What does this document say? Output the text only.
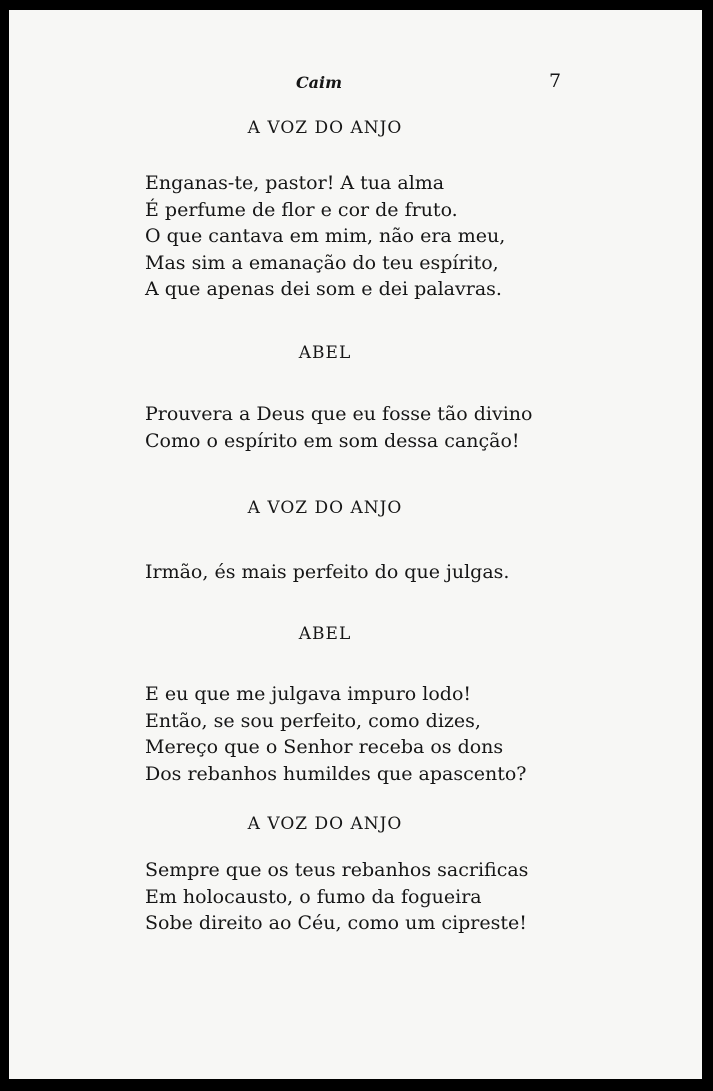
Caim	7
A VOZ DO ANJO
Enganas-te, pastor! A tua alma
É perfume de flor e cor de fruto.
O que cantava em mim, não era meu,
Mas sim a emanação do teu espírito,
A que apenas dei som e dei palavras.
ABEL
Prouvera a Deus que eu fosse tão divino
Como o espírito em som dessa canção!
A VOZ DO ANJO
Irmão, és mais perfeito do que julgas.
ABEL
E eu que me julgava impuro lodo!
Então, se sou perfeito, como dizes,
Mereço que o Senhor receba os dons
Dos rebanhos humildes que apascento?
A VOZ DO ANJO
Sempre que os teus rebanhos sacrificas
Em holocausto, o fumo da fogueira
Sobe direito ao Céu, como um cipreste!
